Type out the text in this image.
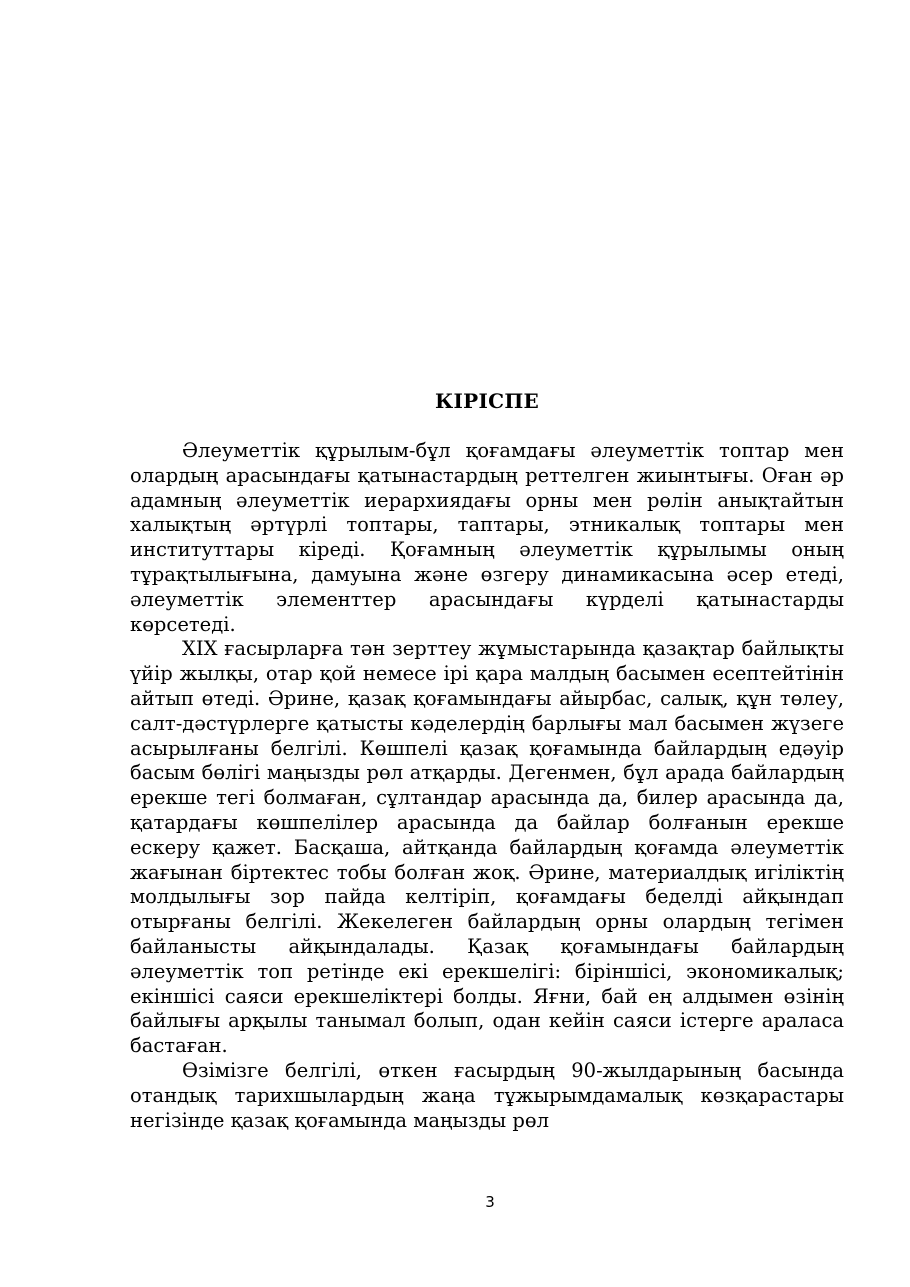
КІРІСПЕ

Әлеуметтік құрылым-бұл қоғамдағы әлеуметтік топтар мен олардың арасындағы қатынастардың реттелген жиынтығы. Оған әр адамның әлеуметтік иерархиядағы орны мен рөлін анықтайтын халықтың әртүрлі топтары, таптары, этникалық топтары мен институттары кіреді. Қоғамның әлеуметтік құрылымы оның тұрақтылығына, дамуына және өзгеру динамикасына әсер етеді, әлеуметтік элементтер арасындағы күрделі қатынастарды көрсетеді.

XIX ғасырларға тән зерттеу жұмыстарында қазақтар байлықты үйір жылқы, отар қой немесе ірі қара малдың басымен есептейтінін айтып өтеді. Әрине, қазақ қоғамындағы айырбас, салық, құн төлеу, салт-дәстүрлерге қатысты кәделердің барлығы мал басымен жүзеге асырылғаны белгілі. Көшпелі қазақ қоғамында байлардың едәуір басым бөлігі маңызды рөл атқарды. Дегенмен, бұл арада байлардың ерекше тегі болмаған, сұлтандар арасында да, билер арасында да, қатардағы көшпелілер арасында да байлар болғанын ерекше ескеру қажет. Басқаша, айтқанда байлардың қоғамда әлеуметтік жағынан біртектес тобы болған жоқ. Әрине, материалдық игіліктің молдылығы зор пайда келтіріп, қоғамдағы беделді айқындап отырғаны белгілі. Жекелеген байлардың орны олардың тегімен байланысты айқындалады. Қазақ қоғамындағы байлардың әлеуметтік топ ретінде екі ерекшелігі: біріншісі, экономикалық; екіншісі саяси ерекшеліктері болды. Яғни, бай ең алдымен өзінің байлығы арқылы танымал болып, одан кейін саяси істерге араласа бастаған.

Өзімізге белгілі, өткен ғасырдың 90-жылдарының басында отандық тарихшылардың жаңа тұжырымдамалық көзқарастары негізінде қазақ қоғамында маңызды рөл

3
